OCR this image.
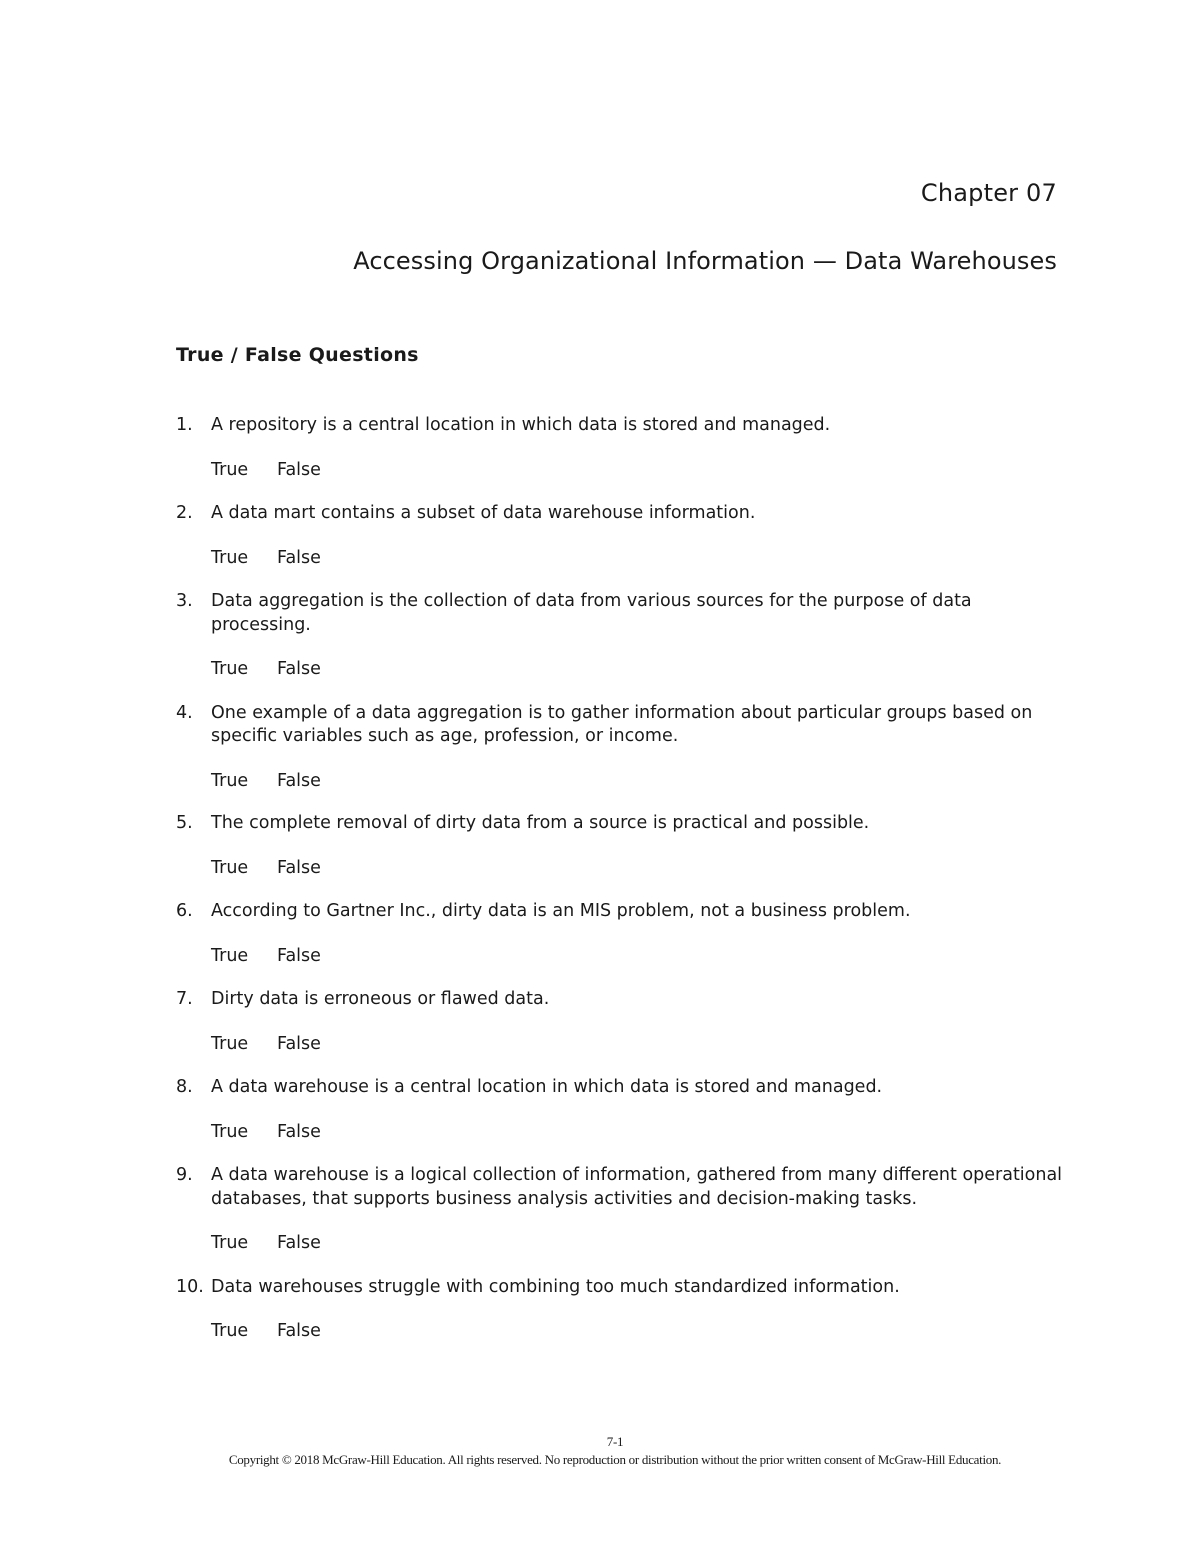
Chapter 07
Accessing Organizational Information — Data Warehouses
True / False Questions
1. A repository is a central location in which data is stored and managed.
True False
2. A data mart contains a subset of data warehouse information.
True False
3. Data aggregation is the collection of data from various sources for the purpose of data processing.
True False
4. One example of a data aggregation is to gather information about particular groups based on specific variables such as age, profession, or income.
True False
5. The complete removal of dirty data from a source is practical and possible.
True False
6. According to Gartner Inc., dirty data is an MIS problem, not a business problem.
True False
7. Dirty data is erroneous or flawed data.
True False
8. A data warehouse is a central location in which data is stored and managed.
True False
9. A data warehouse is a logical collection of information, gathered from many different operational databases, that supports business analysis activities and decision-making tasks.
True False
10. Data warehouses struggle with combining too much standardized information.
True False
7-1
Copyright © 2018 McGraw-Hill Education. All rights reserved. No reproduction or distribution without the prior written consent of McGraw-Hill Education.
